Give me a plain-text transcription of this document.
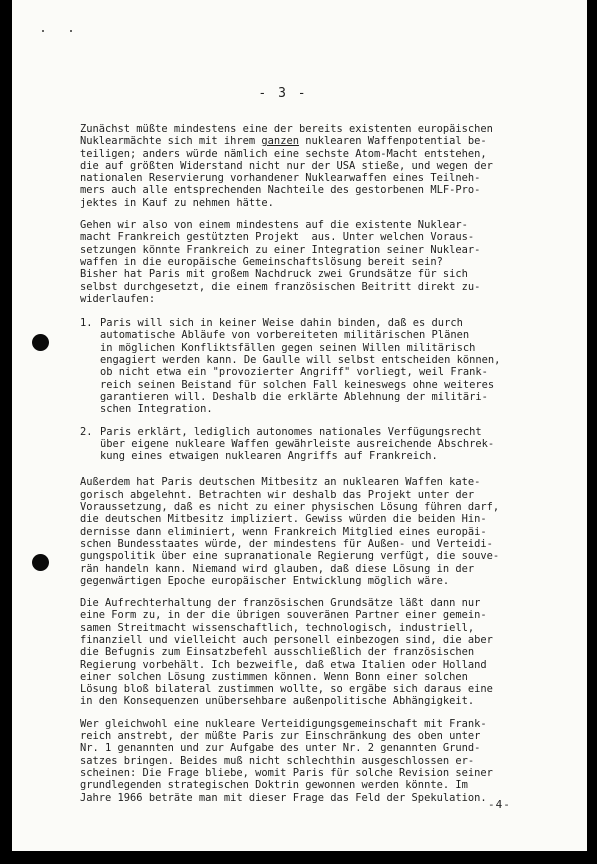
- 3 -
Zunächst müßte mindestens eine der bereits existenten europäischen
Nuklearmächte sich mit ihrem ganzen nuklearen Waffenpotential be-
teiligen; anders würde nämlich eine sechste Atom-Macht entstehen,
die auf größten Widerstand nicht nur der USA stieße, und wegen der
nationalen Reservierung vorhandener Nuklearwaffen eines Teilneh-
mers auch alle entsprechenden Nachteile des gestorbenen MLF-Pro-
jektes in Kauf zu nehmen hätte.
Gehen wir also von einem mindestens auf die existente Nuklear-
macht Frankreich gestützten Projekt  aus. Unter welchen Voraus-
setzungen könnte Frankreich zu einer Integration seiner Nuklear-
waffen in die europäische Gemeinschaftslösung bereit sein?
Bisher hat Paris mit großem Nachdruck zwei Grundsätze für sich
selbst durchgesetzt, die einem französischen Beitritt direkt zu-
widerlaufen:
1. Paris will sich in keiner Weise dahin binden, daß es durch
automatische Abläufe von vorbereiteten militärischen Plänen
in möglichen Konfliktsfällen gegen seinen Willen militärisch
engagiert werden kann. De Gaulle will selbst entscheiden können,
ob nicht etwa ein "provozierter Angriff" vorliegt, weil Frank-
reich seinen Beistand für solchen Fall keineswegs ohne weiteres
garantieren will. Deshalb die erklärte Ablehnung der militäri-
schen Integration.
2. Paris erklärt, lediglich autonomes nationales Verfügungsrecht
über eigene nukleare Waffen gewährleiste ausreichende Abschrek-
kung eines etwaigen nuklearen Angriffs auf Frankreich.
Außerdem hat Paris deutschen Mitbesitz an nuklearen Waffen kate-
gorisch abgelehnt. Betrachten wir deshalb das Projekt unter der
Voraussetzung, daß es nicht zu einer physischen Lösung führen darf,
die deutschen Mitbesitz impliziert. Gewiss würden die beiden Hin-
dernisse dann eliminiert, wenn Frankreich Mitglied eines europäi-
schen Bundesstaates würde, der mindestens für Außen- und Verteidi-
gungspolitik über eine supranationale Regierung verfügt, die souve-
rän handeln kann. Niemand wird glauben, daß diese Lösung in der
gegenwärtigen Epoche europäischer Entwicklung möglich wäre.
Die Aufrechterhaltung der französischen Grundsätze läßt dann nur
eine Form zu, in der die übrigen souveränen Partner einer gemein-
samen Streitmacht wissenschaftlich, technologisch, industriell,
finanziell und vielleicht auch personell einbezogen sind, die aber
die Befugnis zum Einsatzbefehl ausschließlich der französischen
Regierung vorbehält. Ich bezweifle, daß etwa Italien oder Holland
einer solchen Lösung zustimmen können. Wenn Bonn einer solchen
Lösung bloß bilateral zustimmen wollte, so ergäbe sich daraus eine
in den Konsequenzen unübersehbare außenpolitische Abhängigkeit.
Wer gleichwohl eine nukleare Verteidigungsgemeinschaft mit Frank-
reich anstrebt, der müßte Paris zur Einschränkung des oben unter
Nr. 1 genannten und zur Aufgabe des unter Nr. 2 genannten Grund-
satzes bringen. Beides muß nicht schlechthin ausgeschlossen er-
scheinen: Die Frage bliebe, womit Paris für solche Revision seiner
grundlegenden strategischen Doktrin gewonnen werden könnte. Im
Jahre 1966 beträte man mit dieser Frage das Feld der Spekulation.
-4-
